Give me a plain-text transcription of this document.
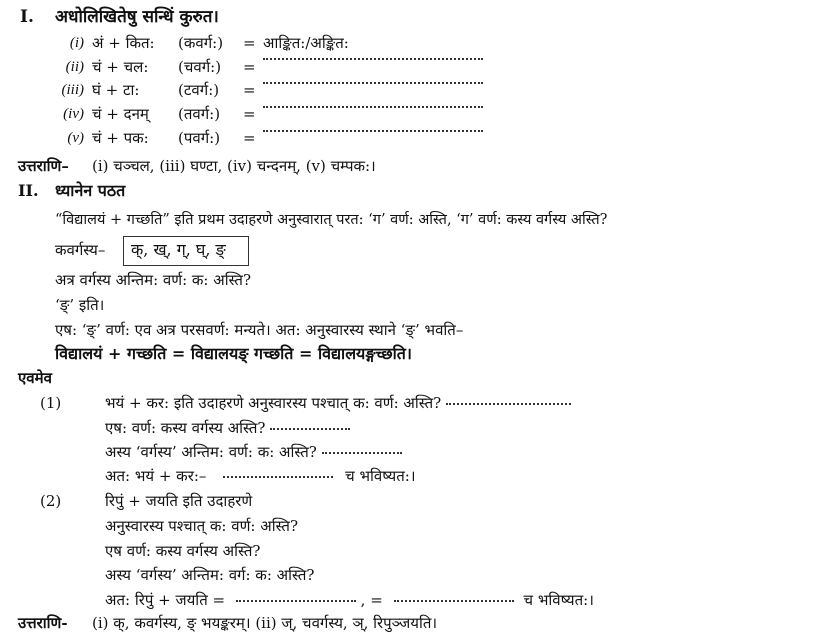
I. अधोलिखितेषु सन्धिं कुरुत।
(i) अं + कित: (कवर्ग:) = आङ्कित:/अङ्कित:
(ii) चं + चल: (चवर्ग:) =
(iii) घं + टा:	(टवर्ग:) =
(iv) चं + दनम् (तवर्ग:) =
(v) चं + पक: (पवर्ग:) =
उत्तराणि– (i) चञ्चल, (iii) घण्टा, (iv) चन्दनम्, (v) चम्पक:।
II. ध्यानेन पठत
“विद्यालयं + गच्छति” इति प्रथम उदाहरणे अनुस्वारात् परत: ‘ग’ वर्ण: अस्ति, ‘ग’ वर्ण: कस्य वर्गस्य अस्ति?
कवर्गस्य– क्, ख्, ग्, घ्, ङ्
अत्र वर्गस्य अन्तिम: वर्ण: क: अस्ति?
‘ङ्’ इति।
एष: ‘ङ्’ वर्ण: एव अत्र परसवर्ण: मन्यते। अत: अनुस्वारस्य स्थाने ‘ङ्’ भवति–
विद्यालयं + गच्छति = विद्यालयङ् गच्छति = विद्यालयङ्गच्छति।
एवमेव
(1)	भयं + कर: इति उदाहरणे अनुस्वारस्य पश्चात् क: वर्ण: अस्ति?
एष: वर्ण: कस्य वर्गस्य अस्ति?
अस्य ‘वर्गस्य’ अन्तिम: वर्ण: क: अस्ति?
अत: भयं + कर:–	च भविष्यत:।
(2)	रिपुं + जयति इति उदाहरणे
अनुस्वारस्य पश्चात् क: वर्ण: अस्ति?
एष वर्ण: कस्य वर्गस्य अस्ति?
अस्य ‘वर्गस्य’ अन्तिम: वर्ग: क: अस्ति?
अत: रिपुं + जयति =	, =	च भविष्यत:।
उत्तराणि- (i) क्, कवर्गस्य, ङ् भयङ्करम्। (ii) ज्, चवर्गस्य, ञ्, रिपुञ्जयति।
